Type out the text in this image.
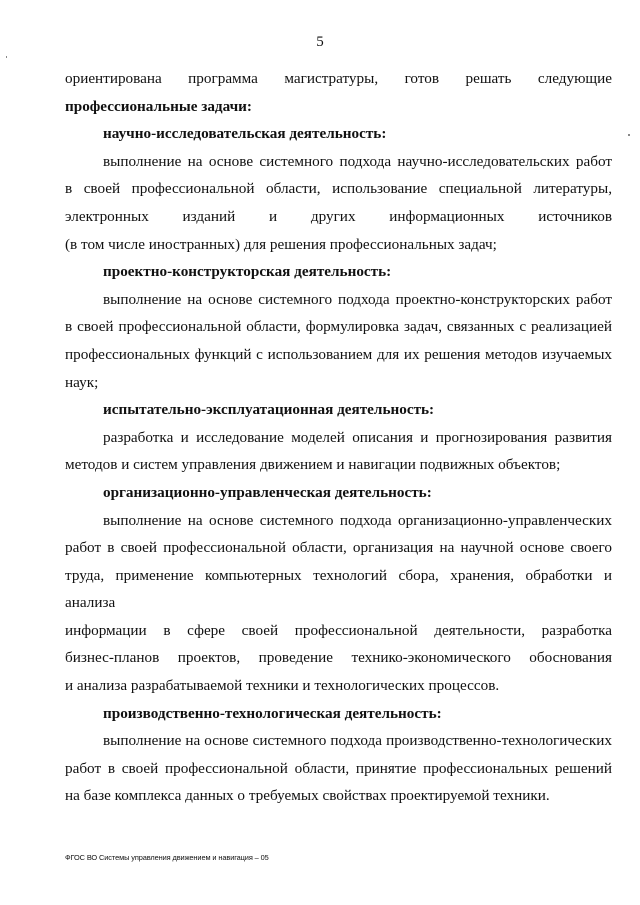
5

ориентирована программа магистратуры, готов решать следующие

профессиональные задачи:

научно-исследовательская деятельность:

выполнение на основе системного подхода научно-исследовательских работ

в своей профессиональной области, использование специальной литературы,

электронных изданий и других информационных источников

(в том числе иностранных) для решения профессиональных задач;

проектно-конструкторская деятельность:

выполнение на основе системного подхода проектно-конструкторских работ

в своей профессиональной области, формулировка задач, связанных с реализацией

профессиональных функций с использованием для их решения методов изучаемых

наук;

испытательно-эксплуатационная деятельность:

разработка и исследование моделей описания и прогнозирования развития

методов и систем управления движением и навигации подвижных объектов;

организационно-управленческая деятельность:

выполнение на основе системного подхода организационно-управленческих

работ в своей профессиональной области, организация на научной основе своего

труда, применение компьютерных технологий сбора, хранения, обработки и анализа

информации в сфере своей профессиональной деятельности, разработка

бизнес-планов проектов, проведение технико-экономического обоснования

и анализа разрабатываемой техники и технологических процессов.

производственно-технологическая деятельность:

выполнение на основе системного подхода производственно-технологических

работ в своей профессиональной области, принятие профессиональных решений

на базе комплекса данных о требуемых свойствах проектируемой техники.

ФГОС ВО Системы управления движением и навигация – 05
